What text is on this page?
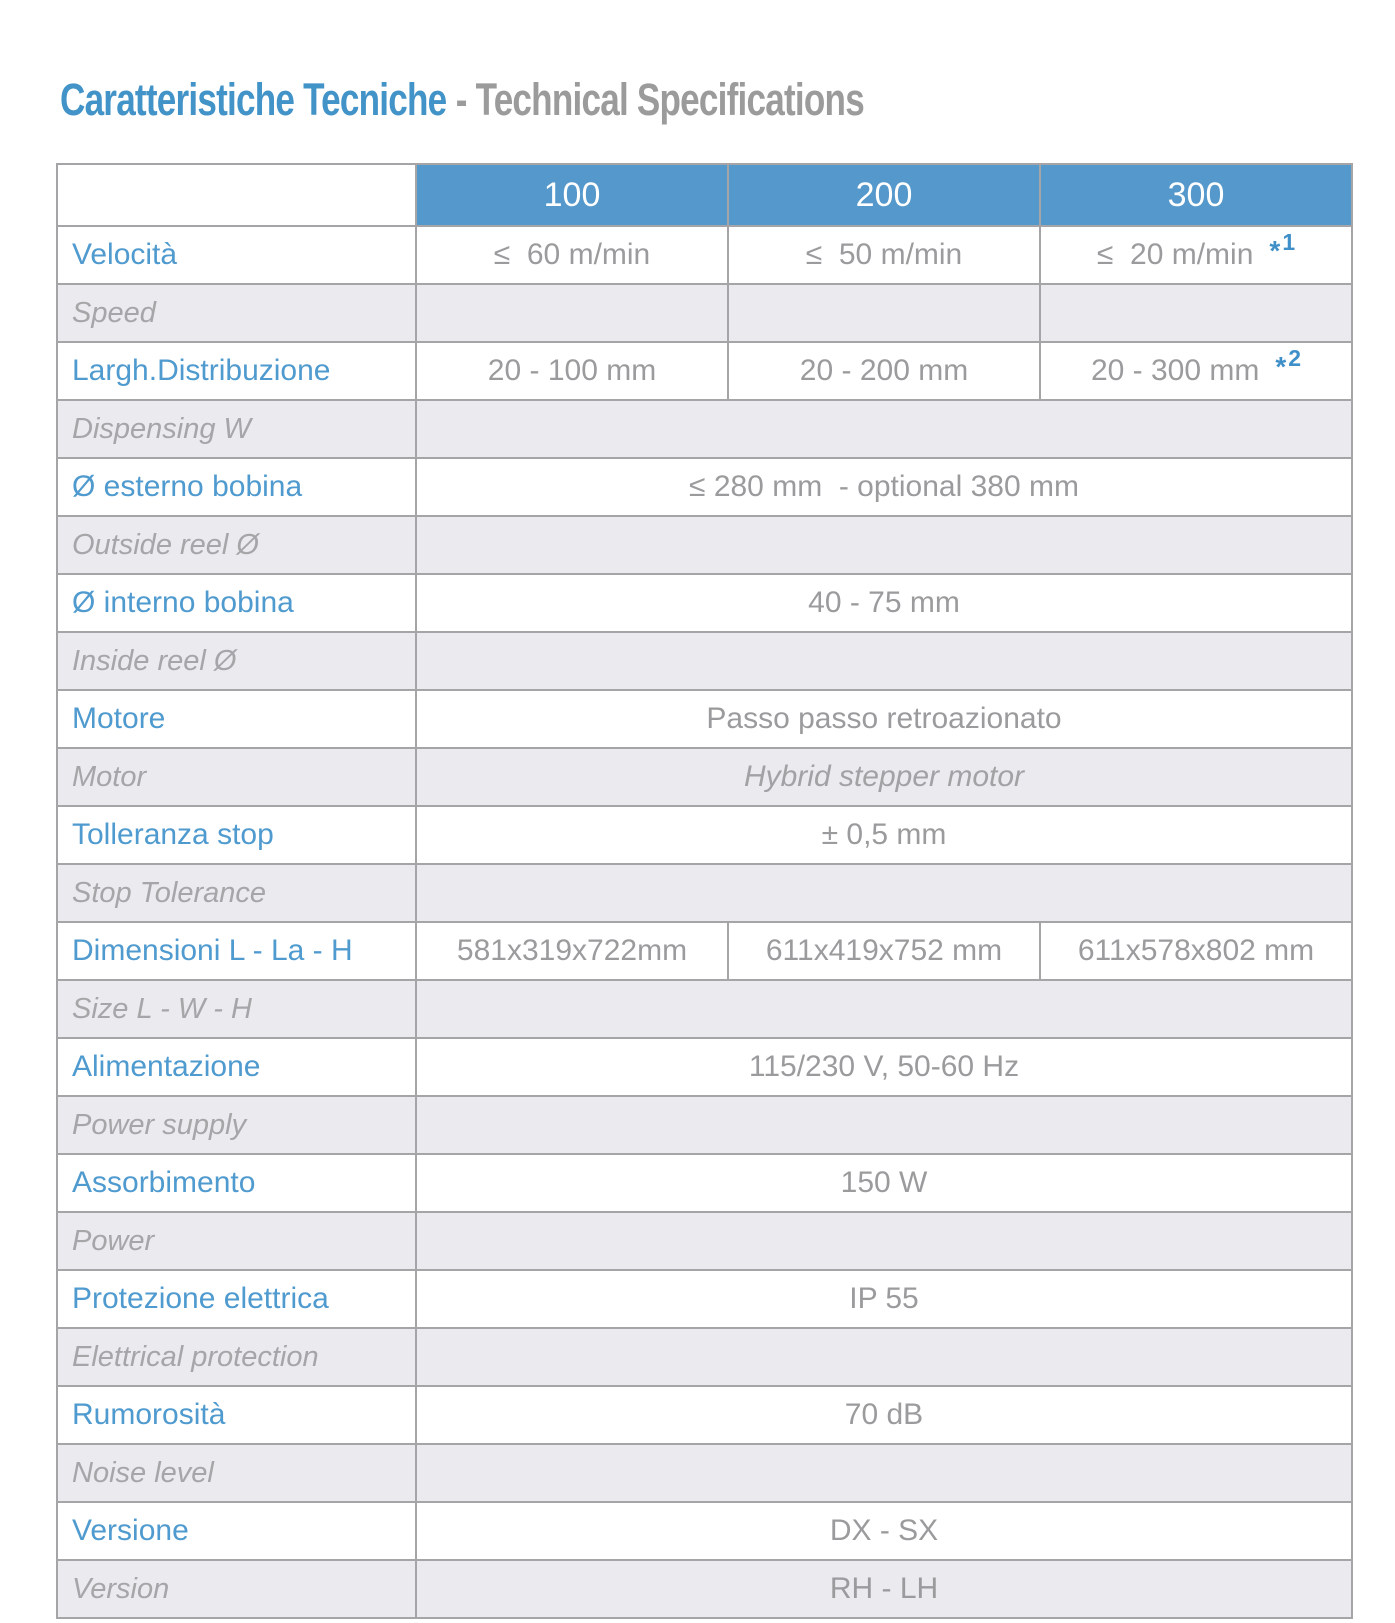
Caratteristiche Tecniche - Technical Specifications
100	200	300
Velocità	≤  60 m/min	≤  50 m/min	≤  20 m/min *$^1$
Speed
Largh.Distribuzione	20 - 100 mm	20 - 200 mm	20 - 300 mm *$^2$
Dispensing W
Ø esterno bobina	≤ 280 mm  - optional 380 mm
Outside reel Ø
Ø interno bobina	40 - 75 mm
Inside reel Ø
Motore	Passo passo retroazionato
Motor	Hybrid stepper motor
Tolleranza stop	± 0,5 mm
Stop Tolerance
Dimensioni L - La - H	581x319x722mm	611x419x752 mm	611x578x802 mm
Size L - W - H
Alimentazione	115/230 V, 50-60 Hz
Power supply
Assorbimento	150 W
Power
Protezione elettrica	IP 55
Elettrical protection
Rumorosità	70 dB
Noise level
Versione	DX - SX
Version	RH - LH
